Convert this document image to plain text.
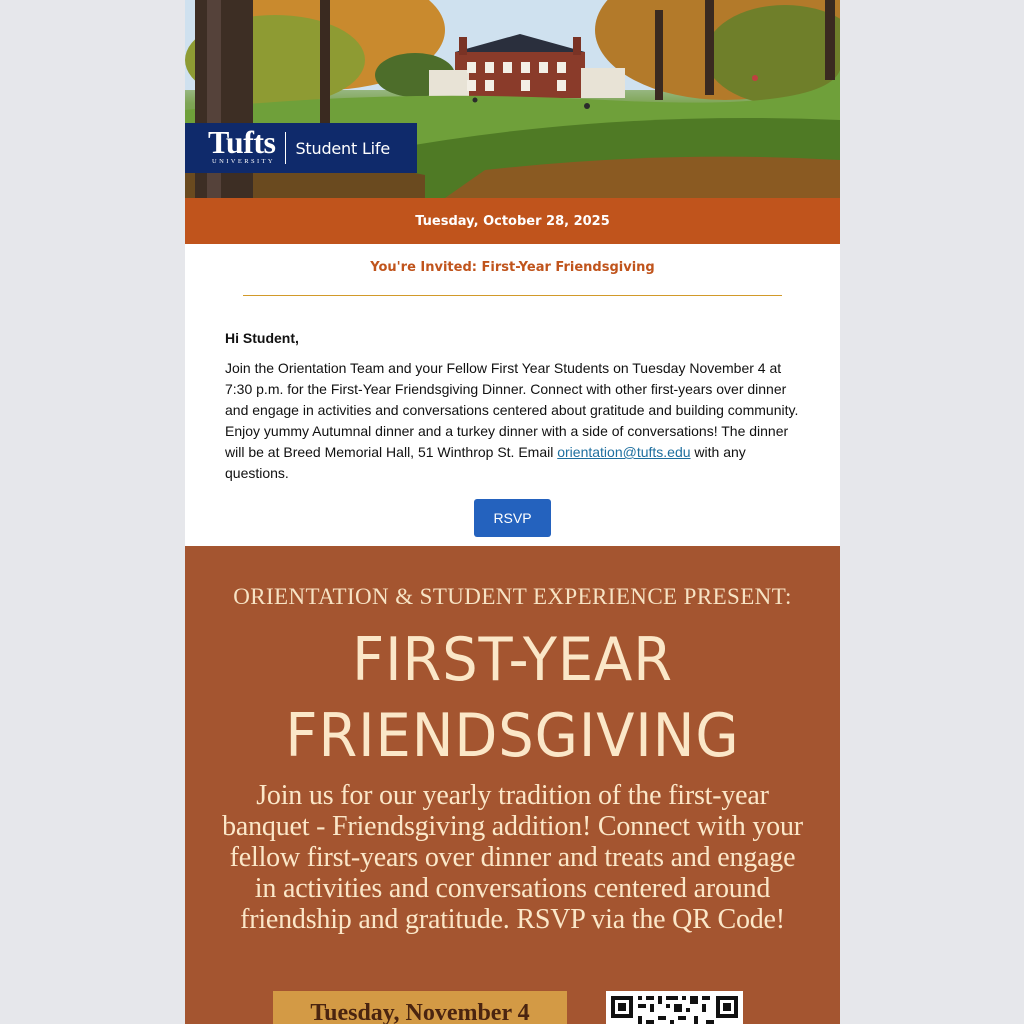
Tufts
UNIVERSITY
Student Life
Tuesday, October 28, 2025
You're Invited: First-Year Friendsgiving

Hi Student,

Join the Orientation Team and your Fellow First Year Students on Tuesday November 4 at 7:30 p.m. for the First-Year Friendsgiving Dinner. Connect with other first-years over dinner and engage in activities and conversations centered about gratitude and building community. Enjoy yummy Autumnal dinner and a turkey dinner with a side of conversations! The dinner will be at Breed Memorial Hall, 51 Winthrop St. Email orientation@tufts.edu with any questions.

RSVP
ORIENTATION & STUDENT EXPERIENCE PRESENT:
FIRST-YEAR
FRIENDSGIVING
Join us for our yearly tradition of the first-year banquet - Friendsgiving addition! Connect with your fellow first-years over dinner and treats and engage in activities and conversations centered around friendship and gratitude. RSVP via the QR Code!
Tuesday, November 4
